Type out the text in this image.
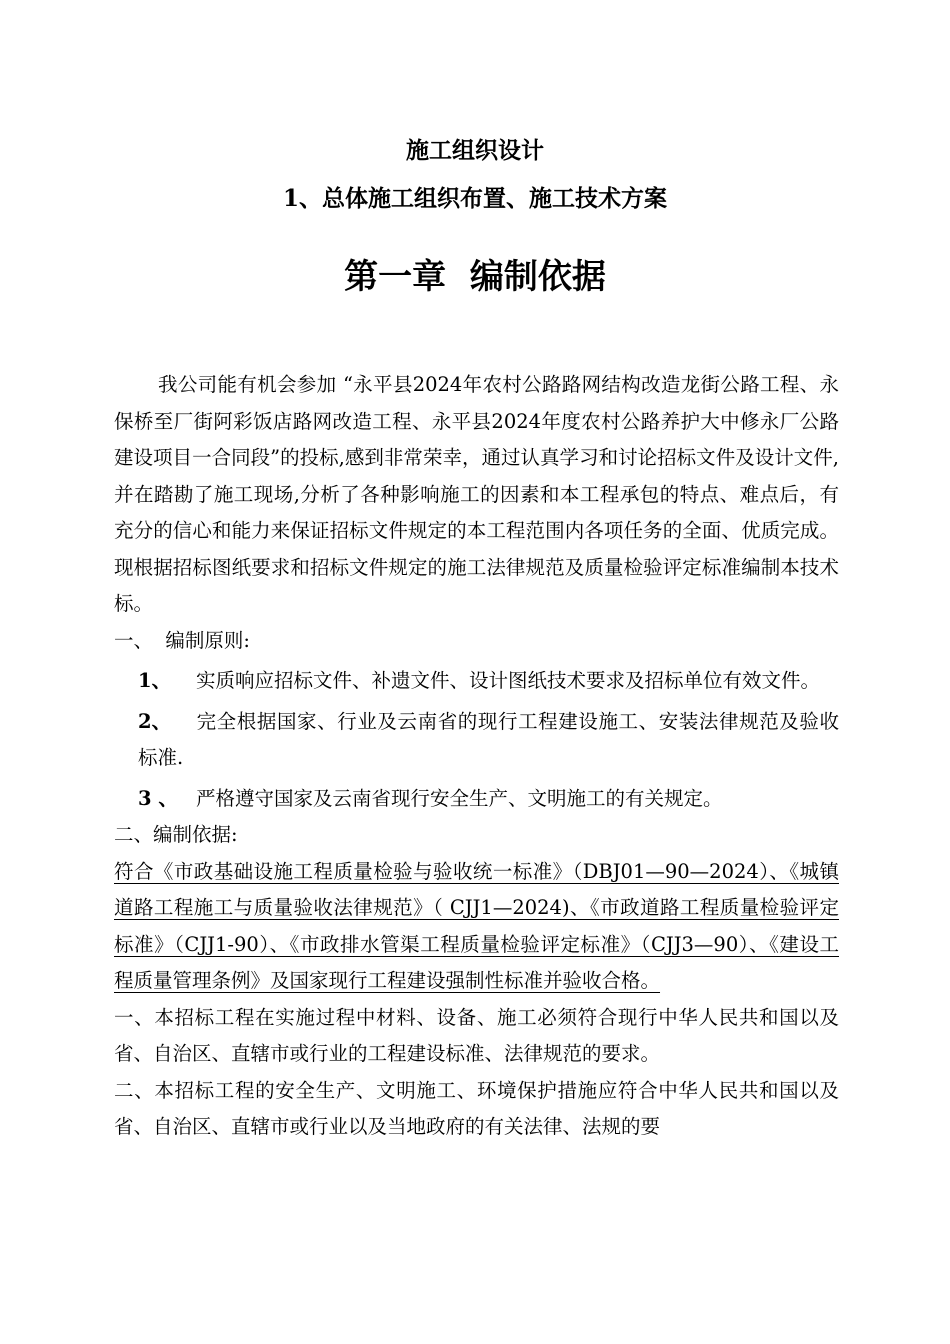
施工组织设计
1、总体施工组织布置、施工技术方案
第一章  编制依据

我公司能有机会参加 “永平县2024年农村公路路网结构改造龙街公路工程、永保桥至厂街阿彩饭店路网改造工程、永平县2024年度农村公路养护大中修永厂公路建设项目一合同段”的投标,感到非常荣幸，通过认真学习和讨论招标文件及设计文件,并在踏勘了施工现场,分析了各种影响施工的因素和本工程承包的特点、难点后，有充分的信心和能力来保证招标文件规定的本工程范围内各项任务的全面、优质完成。现根据招标图纸要求和招标文件规定的施工法律规范及质量检验评定标准编制本技术标。

一、  编制原则:

1、 实质响应招标文件、补遗文件、设计图纸技术要求及招标单位有效文件。

2、 完全根据国家、行业及云南省的现行工程建设施工、安装法律规范及验收标准.

3 、 严格遵守国家及云南省现行安全生产、文明施工的有关规定。

二、编制依据:

符合《市政基础设施工程质量检验与验收统一标准》（DBJ01—90—2024）、《城镇道路工程施工与质量验收法律规范》（ CJJ1—2024)、《市政道路工程质量检验评定标准》（CJJ1-90）、《市政排水管渠工程质量检验评定标准》（CJJ3—90）、《建设工程质量管理条例》及国家现行工程建设强制性标准并验收合格。

一、本招标工程在实施过程中材料、设备、施工必须符合现行中华人民共和国以及省、自治区、直辖市或行业的工程建设标准、法律规范的要求。

二、本招标工程的安全生产、文明施工、环境保护措施应符合中华人民共和国以及省、自治区、直辖市或行业以及当地政府的有关法律、法规的要
